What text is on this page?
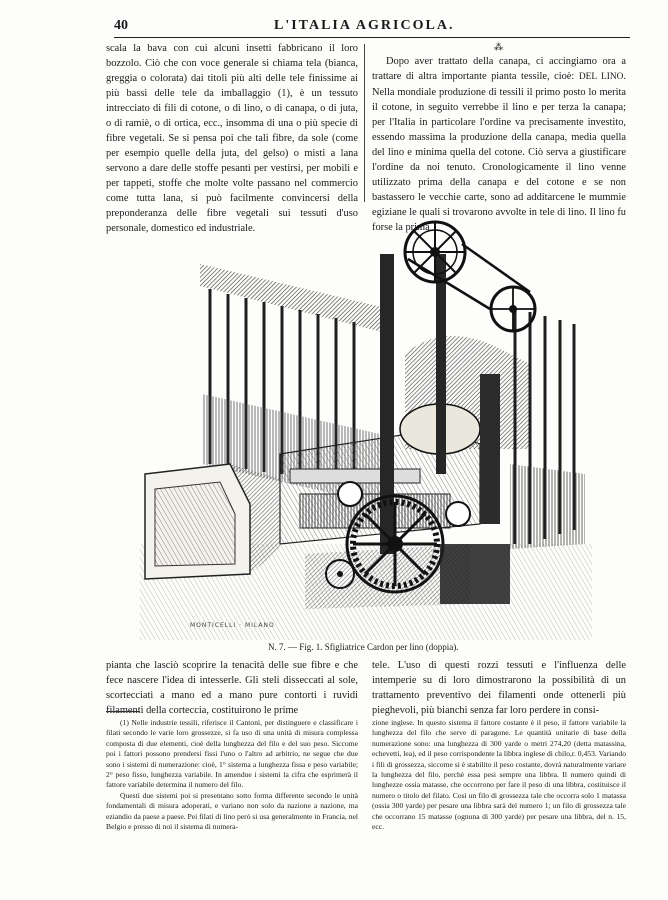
40	L'ITALIA AGRICOLA.

scala la bava con cui alcuni insetti fabbricano il loro bozzolo. Ciò che con voce generale si chiama tela (bianca, greggia o colorata) dai titoli più alti delle tele finissime ai più bassi delle tele da imballaggio (1), è un tessuto intrecciato di fili di cotone, o di lino, o di canapa, o di juta, o di ramiè, o di ortica, ecc., insomma di una o più specie di fibre vegetali. Se si pensa poi che tali fibre, da sole (come per esempio quelle della juta, del gelso) o misti a lana servono a dare delle stoffe pesanti per vestirsi, per mobili e per tappeti, stoffe che molte volte passano nel commercio come tutta lana, si può facilmente convincersi della preponderanza delle fibre vegetali sui tessuti d'uso personale, domestico ed industriale.

⁂

Dopo aver trattato della canapa, ci accingiamo ora a trattare di altra importante pianta tessile, cioè: DEL LINO. Nella mondiale produzione di tessili il primo posto lo merita il cotone, in seguito verrebbe il lino e per terza la canapa; per l'Italia in particolare l'ordine va precisamente investito, essendo massima la produzione della canapa, media quella del lino e minima quella del cotone. Ciò serva a giustificare l'ordine da noi tenuto. Cronologicamente il lino venne utilizzato prima della canapa e del cotone e se non bastassero le vecchie carte, sono ad additarcene le mummie egiziane le quali si trovarono avvolte in tele di lino. Il lino fu forse la prima

MONTICELLI · MILANO
N. 7. — Fig. 1. Sfigliatrice Cardon per lino (doppia).

pianta che lasciò scoprire la tenacità delle sue fibre e che fece nascere l'idea di intesserle. Gli steli disseccati al sole, scortecciati a mano ed a mano pure contorti i ruvidi filamenti della corteccia, costituirono le prime

tele. L'uso di questi rozzi tessuti e l'influenza delle intemperie su di loro dimostrarono la possibilità di un trattamento preventivo dei filamenti onde ottenerli più pieghevoli, più bianchi senza far loro perdere in consi-

(1) Nelle industrie tessili, riferisce il Cantoni, per distinguere e classificare i filati secondo le varie loro grossezze, si fa uso di una unità di misura complessa composta di due elementi, cioè della lunghezza del filo e del suo peso. Siccome poi i fattori possono prendersi fissi l'uno o l'altro ad arbitrio, ne segue che due sono i sistemi di numerazione: cioè, 1° sistema a lunghezza fissa e peso variabile; 2° peso fisso, lunghezza variabile. In amendue i sistemi la cifra che esprimerà il fattore variabile determina il numero del filo.

Questi due sistemi poi si presentano sotto forma differente secondo le unità fondamentali di misura adoperati, e variano non solo da nazione a nazione, ma eziandio da paese a paese. Pei filati di lino però si usa generalmente in Francia, nel Belgio e presso di noi il sistema di numera-

zione inglese. In questo sistema il fattore costante è il peso, il fattore variabile la lunghezza del filo che serve di paragone. Le quantità unitarie di base della numerazione sono: una lunghezza di 300 yarde o metri 274,20 (detta matassina, echevetti, lea), ed il peso corrispondente la libbra inglese di chilo,r. 0,453. Variando i fili di grossezza, siccome si è stabilito il peso costante, dovrà naturalmente variare la lunghezza del filo, perchè essa pesi sempre una libbra. Il numero quindi di lunghezze ossia matasse, che occorrono per fare il peso di una libbra, costituisce il numero o titolo del filato. Così un filo di grossezza tale che occorra solo 1 matassa (ossia 300 yarde) per pesare una libbra sarà del numero 1; un filo di grossezza tale che occorrano 15 matasse (ognuna di 300 yarde) per pesare una libbra, del n. 15, ecc.
